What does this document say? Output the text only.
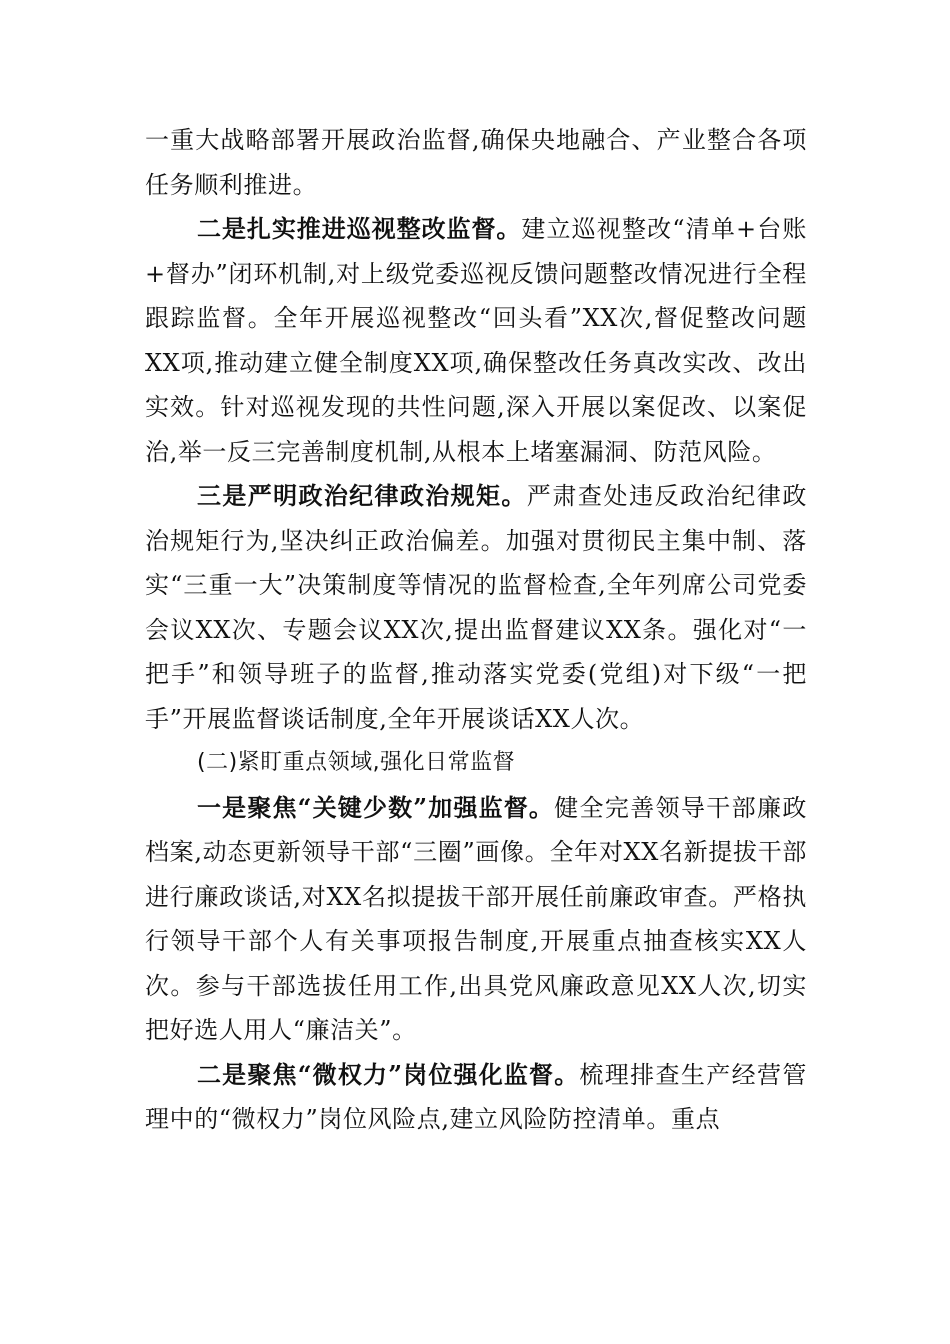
一重大战略部署开展政治监督,确保央地融合、产业整合各项任务顺利推进。

二是扎实推进巡视整改监督。建立巡视整改“清单+台账+督办”闭环机制,对上级党委巡视反馈问题整改情况进行全程跟踪监督。全年开展巡视整改“回头看”XX次,督促整改问题XX项,推动建立健全制度XX项,确保整改任务真改实改、改出实效。针对巡视发现的共性问题,深入开展以案促改、以案促治,举一反三完善制度机制,从根本上堵塞漏洞、防范风险。

三是严明政治纪律政治规矩。严肃查处违反政治纪律政治规矩行为,坚决纠正政治偏差。加强对贯彻民主集中制、落实“三重一大”决策制度等情况的监督检查,全年列席公司党委会议XX次、专题会议XX次,提出监督建议XX条。强化对“一把手”和领导班子的监督,推动落实党委(党组)对下级“一把手”开展监督谈话制度,全年开展谈话XX人次。

(二)紧盯重点领域,强化日常监督

一是聚焦“关键少数”加强监督。健全完善领导干部廉政档案,动态更新领导干部“三圈”画像。全年对XX名新提拔干部进行廉政谈话,对XX名拟提拔干部开展任前廉政审查。严格执行领导干部个人有关事项报告制度,开展重点抽查核实XX人次。参与干部选拔任用工作,出具党风廉政意见XX人次,切实把好选人用人“廉洁关”。

二是聚焦“微权力”岗位强化监督。梳理排查生产经营管理中的“微权力”岗位风险点,建立风险防控清单。重点
